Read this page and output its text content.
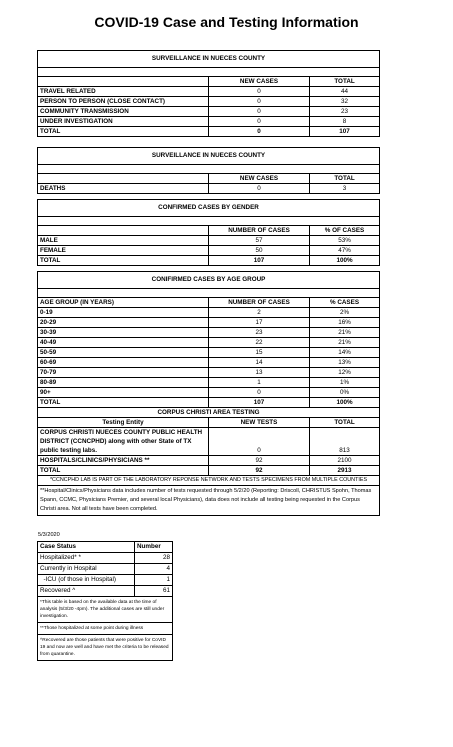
COVID-19 Case and Testing Information
SURVEILLANCE IN NUECES COUNTY		

	NEW CASES	TOTAL
TRAVEL RELATED	0	44
PERSON TO PERSON (CLOSE CONTACT)	0	32
COMMUNITY TRANSMISSION	0	23
UNDER INVESTIGATION	0	8
TOTAL	0	107
SURVEILLANCE IN NUECES COUNTY		

	NEW CASES	TOTAL
DEATHS	0	3
CONFIRMED CASES BY GENDER		

	NUMBER OF CASES	% OF CASES
MALE	57	53%
FEMALE	50	47%
TOTAL	107	100%
CONIFIRMED CASES BY AGE GROUP		

AGE GROUP (IN YEARS)	NUMBER OF CASES	% CASES
0-19	2	2%
20-29	17	16%
30-39	23	21%
40-49	22	21%
50-59	15	14%
60-69	14	13%
70-79	13	12%
80-89	1	1%
90+	0	0%
TOTAL	107	100%
CORPUS CHRISTI AREA TESTING		
Testing Entity	NEW TESTS	TOTAL
CORPUS CHRISTI NUECES COUNTY PUBLIC HEALTH DISTRICT (CCNCPHD) along with other State of TX public testing labs.	0	813
HOSPITALS/CLINICS/PHYSICIANS **	92	2100
TOTAL	92	2913
*CCNCPHD LAB IS PART OF THE LABORATORY REPONSE NETWORK AND TESTS SPECIMENS FROM MULTIPLE COUNTIES		
**Hospital/Clinics/Physicians data includes number of tests requested through 5/2/20 (Reporting: Driscoll, CHRISTUS Spohn, Thomas Spann, CCMC, Physicians Premier, and several local Physicians), data does not include all testing being requested in the Corpus Christi area. Not all tests have been completed.		
5/3/2020
Case Status	Number
Hospitalized* *	28
Currently in Hospital	4
-ICU (of those in Hospital)	1
Recovered ^	61
*This table is based on the available data at the time of analysis (5/3/20 -4pm). The additional cases are still under investigation.	
**Those hospitalized at some point during illness	
^Recovered are those patients that were positive for CoVID 19 and now are well and have met the criteria to be released from quarantine.	
